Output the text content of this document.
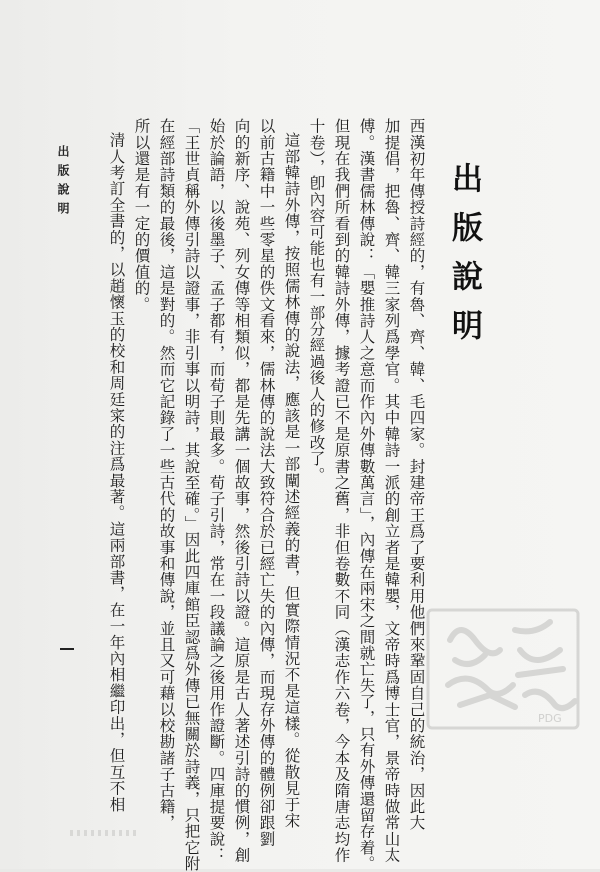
出版說明
西漢初年傳授詩經的，有魯、齊、韓、毛四家。封建帝王爲了要利用他們來鞏固自己的統治，因此大
加提倡，把魯、齊、韓三家列爲學官。其中韓詩一派的創立者是韓嬰，文帝時爲博士官，景帝時做常山太
傅。漢書儒林傳說：「嬰推詩人之意而作內外傳數萬言」，內傳在兩宋之間就亡失了，只有外傳還留存着。
但現在我們所看到的韓詩外傳，據考證已不是原書之舊，非但卷數不同（漢志作六卷，今本及隋唐志均作
十卷），卽內容可能也有一部分經過後人的修改了。
這部韓詩外傳，按照儒林傳的說法，應該是一部闡述經義的書，但實際情況不是這樣。從散見于宋
以前古籍中一些零星的佚文看來，儒林傳的說法大致符合於已經亡失的內傳，而現存外傳的體例卻跟劉
向的新序、說苑、列女傳等相類似，都是先講一個故事，然後引詩以證。這原是古人著述引詩的慣例，創
始於論語，以後墨子、孟子都有，而荀子則最多。荀子引詩，常在一段議論之後用作證斷。四庫提要說：
「王世貞稱外傳引詩以證事，非引事以明詩，其說至確。」因此四庫館臣認爲外傳已無關於詩義，只把它附
在經部詩類的最後，這是對的。然而它記錄了一些古代的故事和傳說，並且又可藉以校勘諸子古籍，
所以還是有一定的價值的。
清人考訂全書的，以趙懷玉的校和周廷寀的注爲最著。這兩部書，在一年內相繼印出，但互不相
出版說明
PDG
